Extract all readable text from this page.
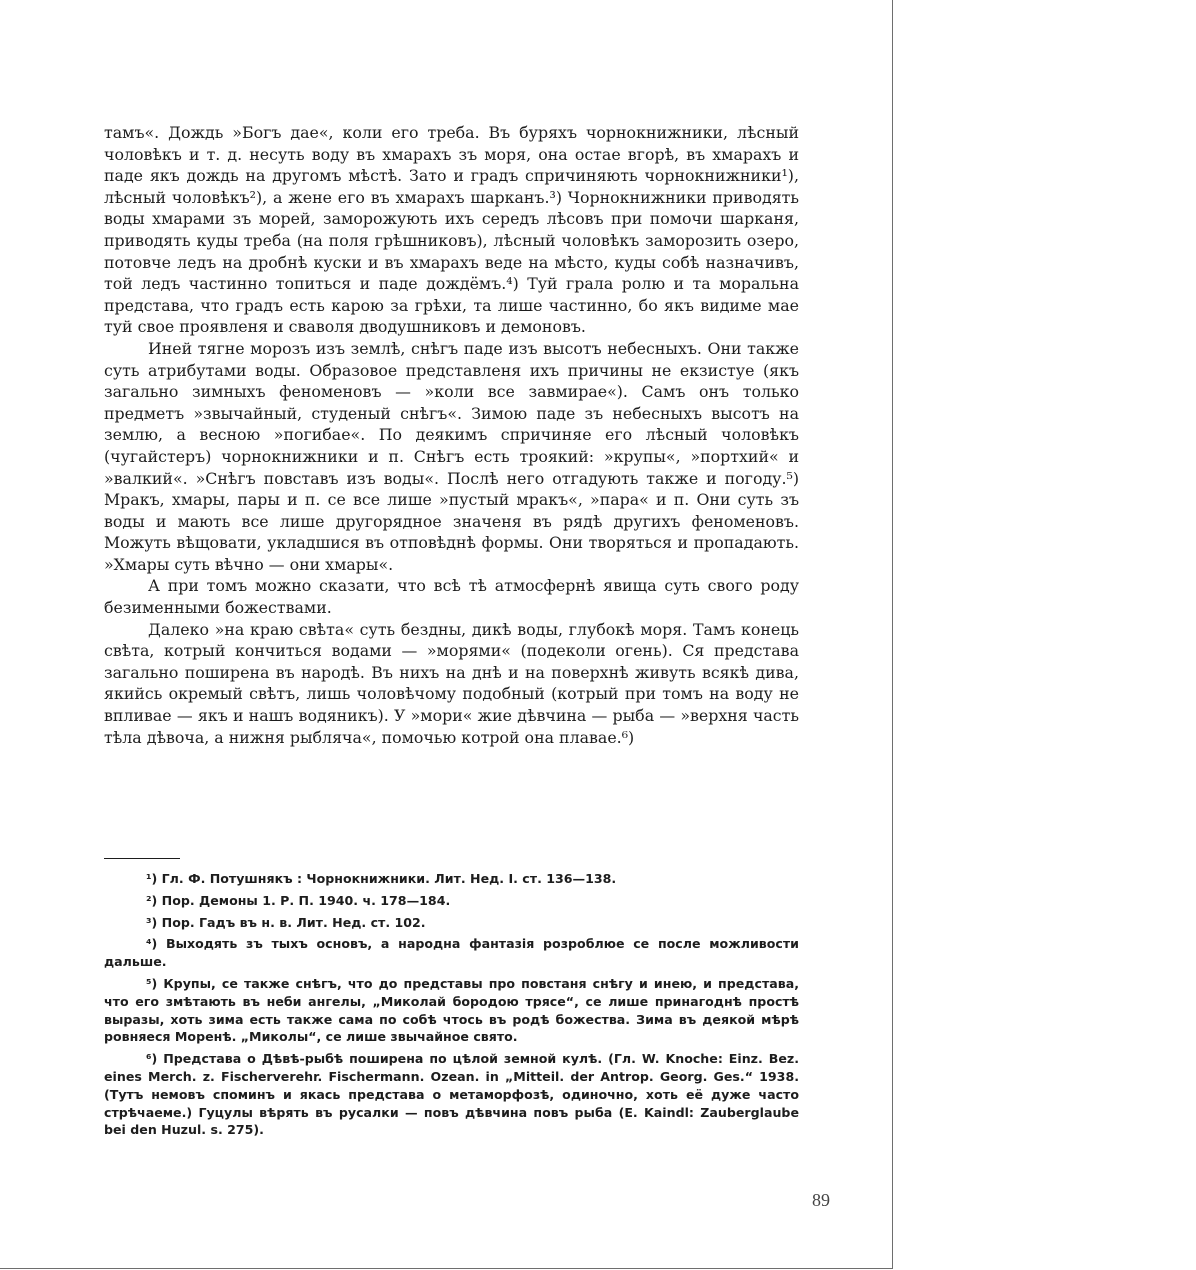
тамъ«. Дождь »Богъ дае«, коли его треба. Въ буряхъ чорнокнижники, лѣсный чоловѣкъ и т. д. несуть воду въ хмарахъ зъ моря, она остае вгорѣ, въ хмарахъ и паде якъ дождь на другомъ мѣстѣ. Зато и градъ спричиняють чорнокнижники¹), лѣсный чоловѣкъ²), а жене его въ хмарахъ шарканъ.³) Чорнокнижники приводять воды хмарами зъ морей, заморожують ихъ середъ лѣсовъ при помочи шарканя, приводять куды треба (на поля грѣшниковъ), лѣсный чоловѣкъ заморозить озеро, потовче ледъ на дробнѣ куски и въ хмарахъ веде на мѣсто, куды собѣ назначивъ, той ледъ частинно топиться и паде дождёмъ.⁴) Туй грала ролю и та моральна представа, что градъ есть карою за грѣхи, та лише частинно, бо якъ видиме мае туй свое проявленя и сваволя двoдушниковъ и демоновъ.

Иней тягне морозъ изъ землѣ, снѣгъ паде изъ высотъ небесныхъ. Они также суть атрибутами воды. Образовое представленя ихъ причины не екзистуе (якъ загально зимныхъ феноменовъ — »коли все завмирае«). Самъ онъ только предметъ »звычайный, студеный снѣгъ«. Зимою паде зъ небесныхъ высотъ на землю, а весною »погибае«. По деякимъ спричиняе его лѣсный чоловѣкъ (чугайстеръ) чорнокнижники и п. Снѣгъ есть троякий: »крупы«, »портхий« и »валкий«. »Снѣгъ повставъ изъ воды«. Послѣ него отгадують также и погоду.⁵) Мракъ, хмары, пары и п. се все лише »пустый мракъ«, »пара« и п. Они суть зъ воды и мають все лише другорядное значеня въ рядѣ другихъ феноменовъ. Можуть вѣщовати, укладшися въ отповѣднѣ формы. Они творяться и пропадають. »Хмары суть вѣчно — они хмары«.

А при томъ можно сказати, что всѣ тѣ атмосфернѣ явища суть свого роду безименными божествами.

Далеко »на краю свѣта« суть бездны, дикѣ воды, глубокѣ моря. Тамъ конець свѣта, котрый кончиться водами — »морями« (подеколи огень). Ся представа загально поширена въ народѣ. Въ нихъ на днѣ и на поверхнѣ живуть всякѣ дива, якийсь окремый свѣтъ, лишь чоловѣчому подобный (котрый при томъ на воду не впливае — якъ и нашъ водяникъ). У »мори« жие дѣвчина — рыба — »верхня часть тѣла дѣвоча, а нижня рыбляча«, помочью котрой она плавае.⁶)

¹) Гл. Ф. Потушнякъ : Чорнокнижники. Лит. Нед. I. ст. 136—138.

²) Пор. Демоны 1. Р. П. 1940. ч. 178—184.

³) Пор. Гадъ въ н. в. Лит. Нед. ст. 102.

⁴) Выходять зъ тыхъ основъ, а народна фантазія розроблюе се после можливости дальше.

⁵) Крупы, се также снѣгъ, что до представы про повстаня снѣгу и инею, и представа, что его змѣтають въ неби ангелы, „Миколай бородою трясе“, се лише принагоднѣ простѣ вырaзы, хоть зима есть также сама по собѣ чтось въ родѣ божества. Зима въ деякой мѣрѣ ровняеся Моренѣ. „Миколы“, се лише звычайное свято.

⁶) Представа о Дѣвѣ-рыбѣ поширена по цѣлой земной кулѣ. (Гл. W. Knoche: Einz. Bez. eines Merch. z. Fischerverehr. Fischermann. Ozean. in „Mitteil. der Antrop. Georg. Ges.“ 1938. (Тутъ немовъ споминъ и якась представа о метаморфозѣ, одиночно, хоть её дуже часто стрѣчаеме.) Гуцулы вѣрять въ русалки — повъ дѣвчина повъ рыба (E. Kaindl: Zauberglaube bei den Huzul. s. 275).

89
